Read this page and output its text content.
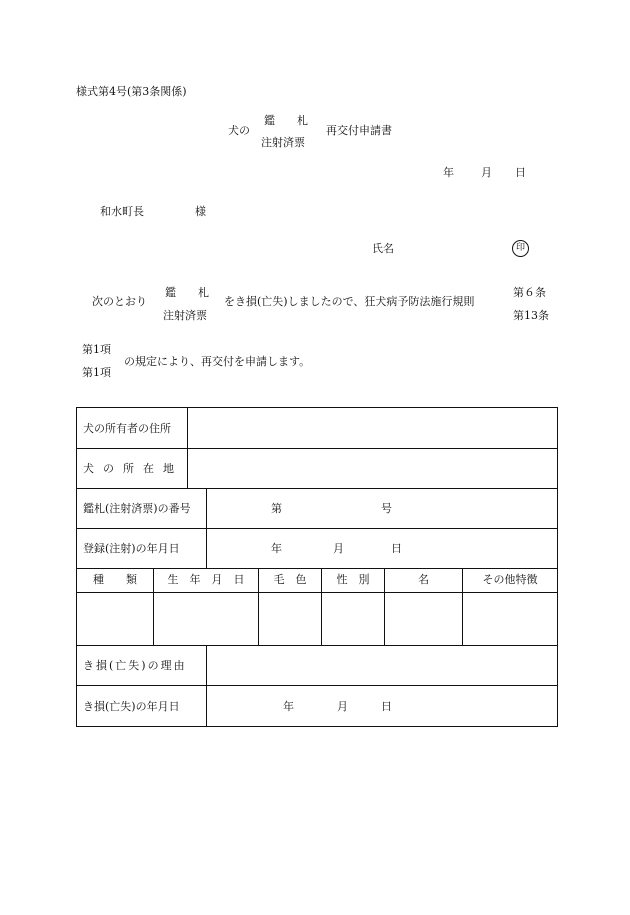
様式第4号(第3条関係)
犬の
鑑　　札
注射済票
再交付申請書
年 月 日
和水町長	様
氏名	印
次のとおり
鑑　　札
注射済票
をき損(亡失)しましたので、狂犬病予防法施行規則
第６条
第13条
第1項
第1項
の規定により、再交付を申請します。
犬の所有者の住所
犬の所在地
鑑札(注射済票)の番号	第	号
登録(注射)の年月日	年	月	日
種　　類	生　年　月　日	毛　色	性　別	名	その他特徴
き損(亡失)の理由
き損(亡失)の年月日	年	月	日
